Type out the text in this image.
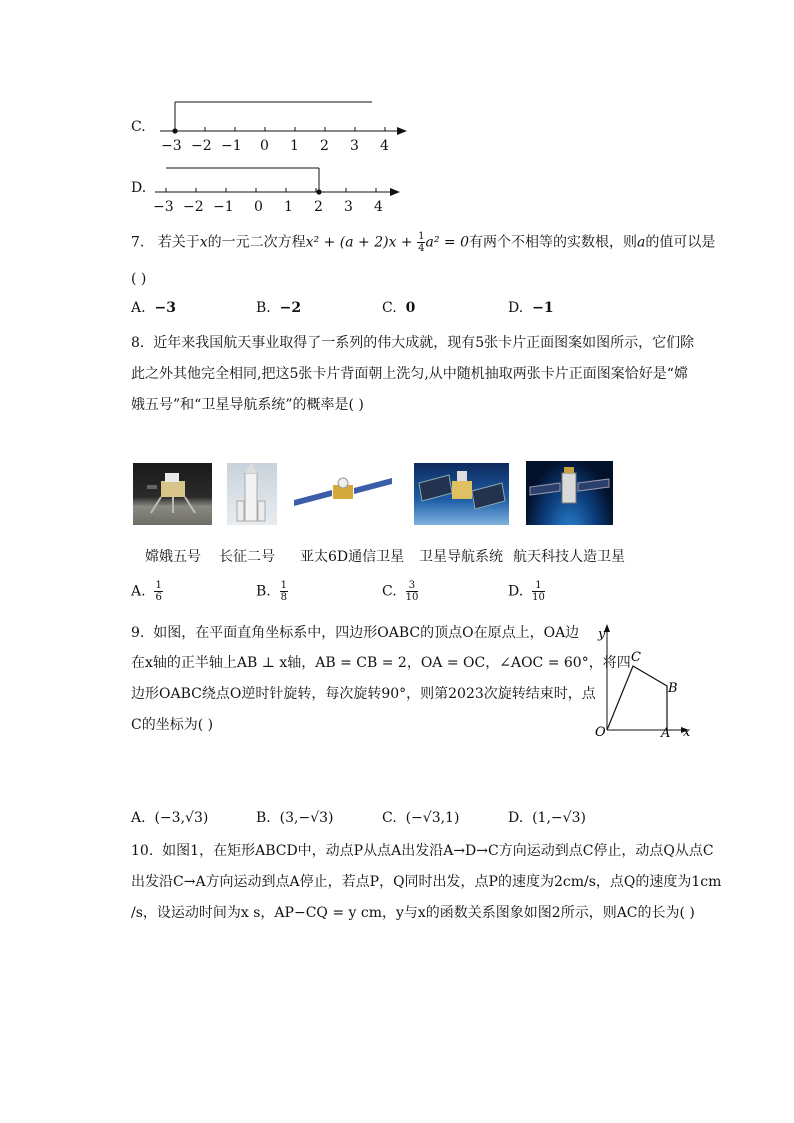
C.
−3 −2 −1 0 1 2 3 4
D.
−3 −2 −1 0 1 2 3 4
7. 若关于x的一元二次方程$x^2 + (a + 2)x + \frac{1}{4} a^2 = 0$有两个不相等的实数根，则a的值可以是
( )
A. −3	B. −2	C. 0	D. −1
8. 近年来我国航天事业取得了一系列的伟大成就，现有5张卡片正面图案如图所示，它们除
此之外其他完全相同,把这5张卡片背面朝上洗匀,从中随机抽取两张卡片正面图案恰好是“嫦
娥五号”和“卫星导航系统”的概率是( )
嫦娥五号 长征二号 亚太6D通信卫星 卫星导航系统 航天科技人造卫星
A. $\frac{1}{6}$	B. $\frac{1}{8}$	C. $\frac{3}{10}$	D. $\frac{1}{10}$
9. 如图，在平面直角坐标系中，四边形OABC的顶点O在原点上，OA边
在x轴的正半轴上AB ⊥ x轴，AB = CB = 2，OA = OC，∠AOC = 60°，将四
边形OABC绕点O逆时针旋转，每次旋转90°，则第2023次旋转结束时，点
C的坐标为( )
y
x
O	A
B
C
A. (−3,√3)	B. (3,−√3)	C. (−√3,1)	D. (1,−√3)
10. 如图1，在矩形ABCD中，动点P从点A出发沿A→D→C方向运动到点C停止，动点Q从点C
出发沿C→A方向运动到点A停止，若点P，Q同时出发，点P的速度为2cm/s，点Q的速度为1cm
/s，设运动时间为x s，AP−CQ = y cm，y与x的函数关系图象如图2所示，则AC的长为( )
